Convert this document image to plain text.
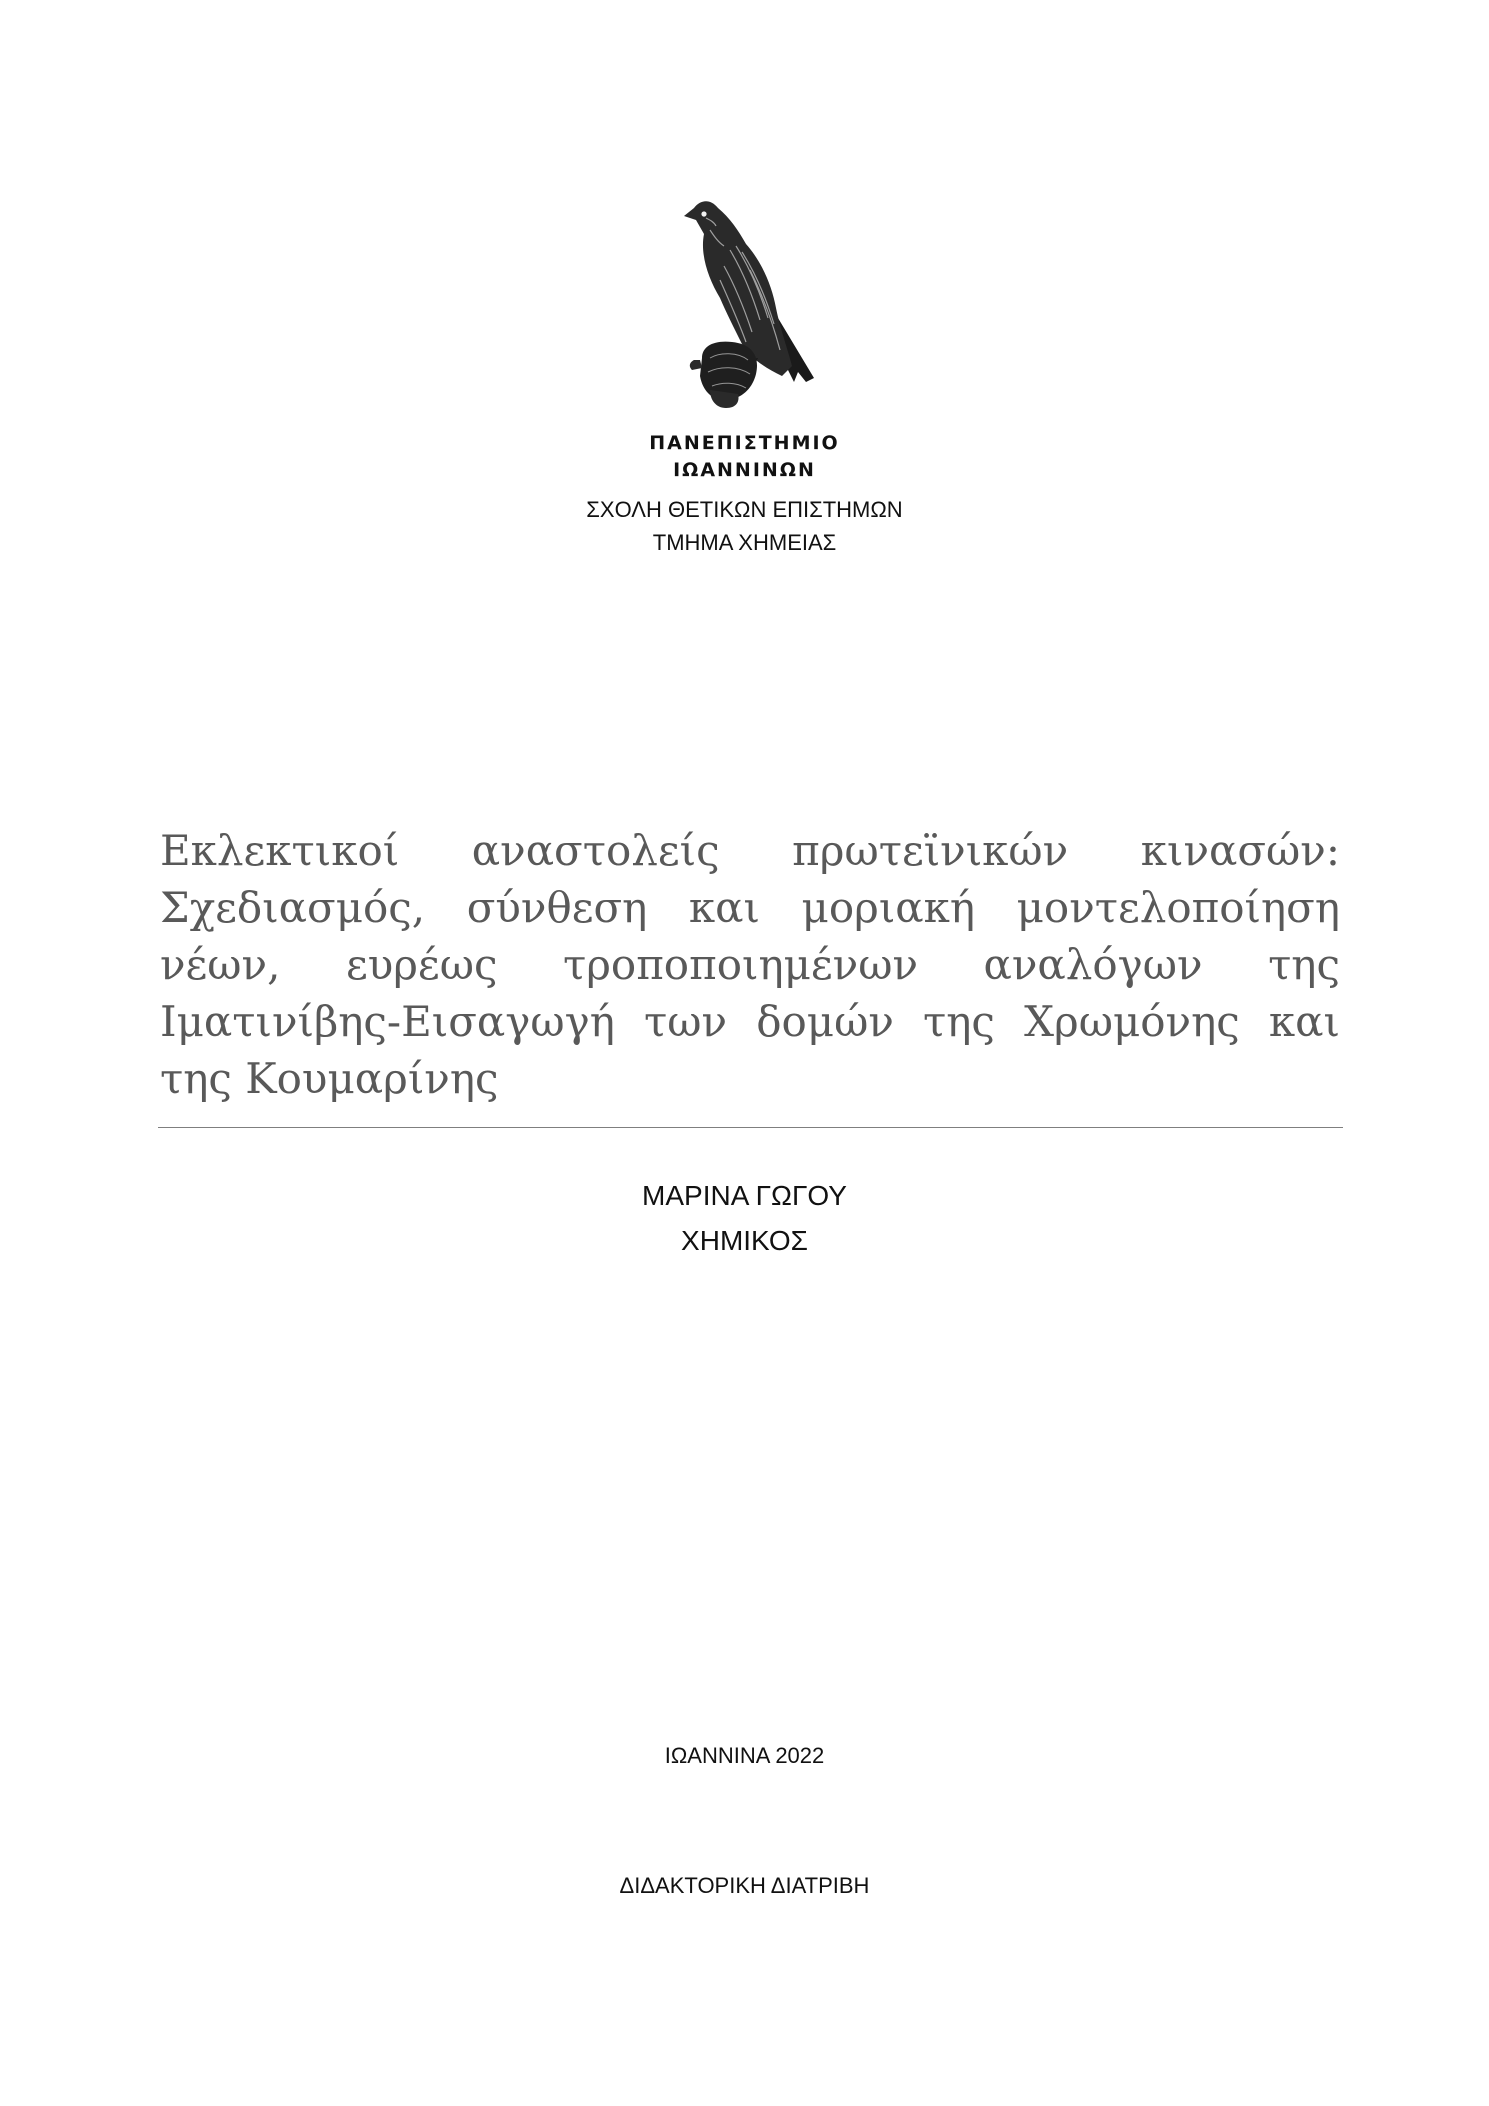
ΠΑΝΕΠΙΣΤΗΜΙΟ
ΙΩΑΝΝΙΝΩΝ
ΣΧΟΛΗ ΘΕΤΙΚΩΝ ΕΠΙΣΤΗΜΩΝ
ΤΜΗΜΑ ΧΗΜΕΙΑΣ
Εκλεκτικοί αναστολείς πρωτεϊνικών κινασών: Σχεδιασμός, σύνθεση και μοριακή μοντελοποίηση νέων, ευρέως τροποποιημένων αναλόγων της Ιματινίβης-Εισαγωγή των δομών της Χρωμόνης και της Κουμαρίνης
ΜΑΡΙΝΑ ΓΩΓΟΥ
ΧΗΜΙΚΟΣ
ΙΩΑΝΝΙΝΑ 2022
ΔΙΔΑΚΤΟΡΙΚΗ ΔΙΑΤΡΙΒΗ
